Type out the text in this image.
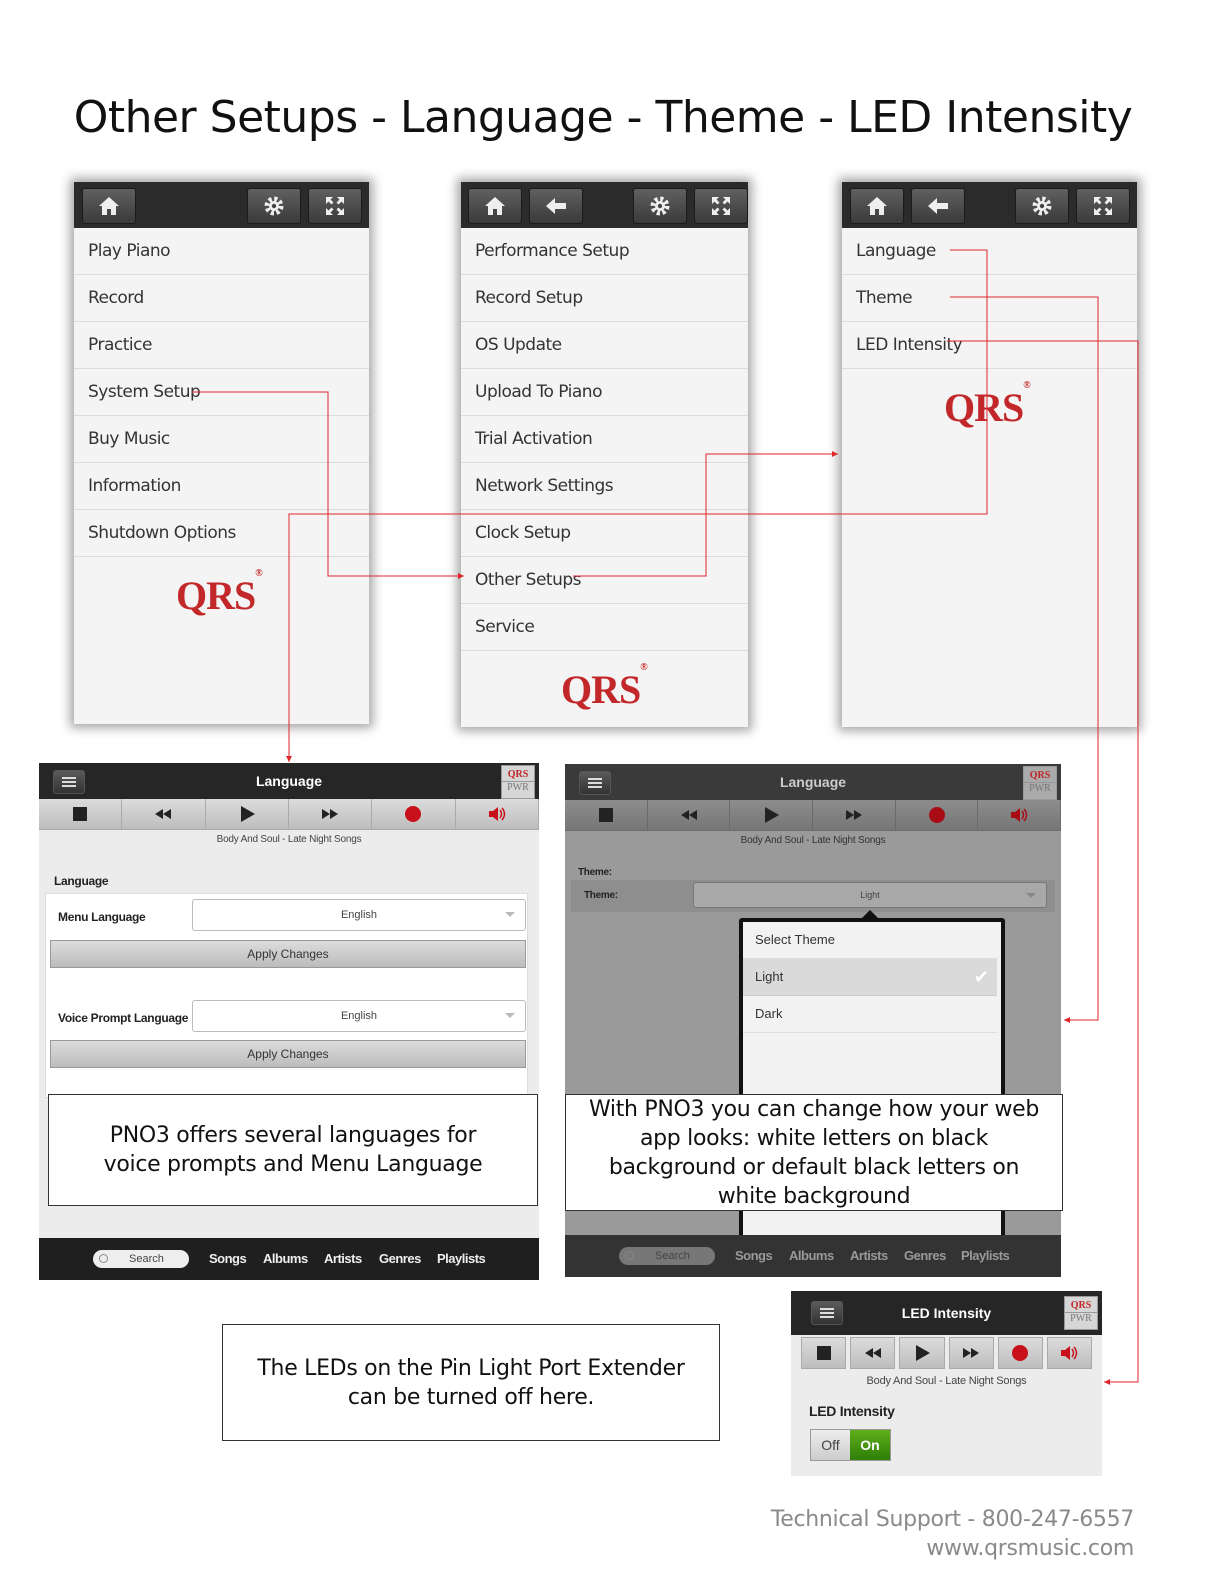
Other Setups - Language - Theme - LED Intensity
Play Piano
Record
Practice
System Setup
Buy Music
Information
Shutdown Options
QRS®
Performance Setup
Record Setup
OS Update
Upload To Piano
Trial Activation
Network Settings
Clock Setup
Other Setups
Service
QRS®
Language
Theme
LED Intensity
QRS®
Language	QRS
PWR
Body And Soul - Late Night Songs
Language
Menu Language	English
Apply Changes
Voice Prompt Language	English
Apply Changes
Search	Songs Albums Artists Genres Playlists
Language	QRS
PWR
Body And Soul - Late Night Songs
Theme:
Theme:	Light
Select Theme
Light	✔
Dark
Search	Songs Albums Artists Genres Playlists
LED Intensity	QRS
PWR
Body And Soul - Late Night Songs
LED Intensity
Off	On
PNO3 offers several languages for voice prompts and Menu Language
With PNO3 you can change how your web app looks: white letters on black background or default black letters on white background
The LEDs on the Pin Light Port Extender can be turned off here.
Technical Support - 800-247-6557
www.qrsmusic.com
